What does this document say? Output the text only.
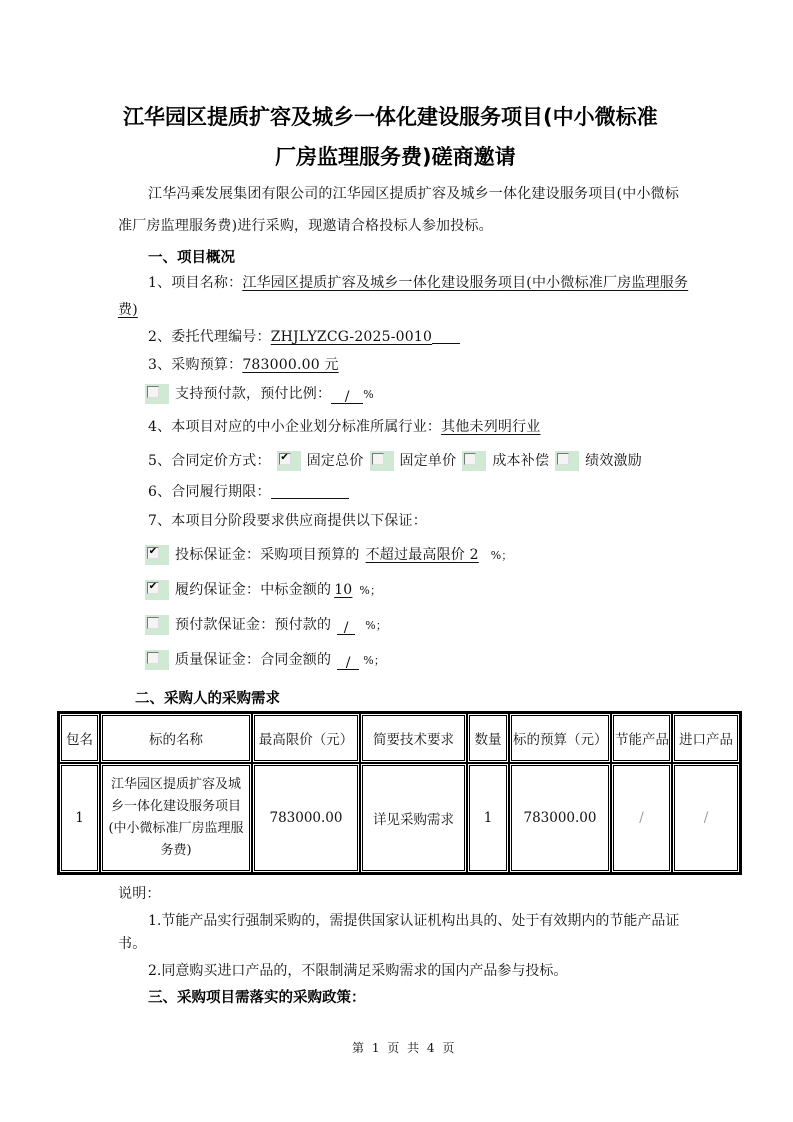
江华园区提质扩容及城乡一体化建设服务项目(中小微标准
厂房监理服务费)磋商邀请
江华冯乘发展集团有限公司的江华园区提质扩容及城乡一体化建设服务项目(中小微标
准厂房监理服务费)进行采购，现邀请合格投标人参加投标。
一、项目概况
1、项目名称：江华园区提质扩容及城乡一体化建设服务项目(中小微标准厂房监理服务
费)
2、委托代理编号：ZHJLYZCG-2025-0010
3、采购预算：783000.00 元
支持预付款，预付比例： / %
4、本项目对应的中小企业划分标准所属行业：其他未列明行业
5、合同定价方式： ✔ 固定总价	固定单价	成本补偿	绩效激励
6、合同履行期限：
7、本项目分阶段要求供应商提供以下保证：
✔ 投标保证金：采购项目预算的 不超过最高限价 2 %；
✔ 履约保证金：中标金额的 10 %；
预付款保证金：预付款的 / %；
质量保证金：合同金额的 / %；
二、采购人的采购需求
包名	标的名称	最高限价（元）	简要技术要求	数量	标的预算（元）	节能产品	进口产品
1	江华园区提质扩容及城
乡一体化建设服务项目
(中小微标准厂房监理服
务费)	783000.00	详见采购需求	1	783000.00	/	/
说明：
1.节能产品实行强制采购的，需提供国家认证机构出具的、处于有效期内的节能产品证
书。
2.同意购买进口产品的，不限制满足采购需求的国内产品参与投标。
三、采购项目需落实的采购政策：
第 1 页 共 4 页
